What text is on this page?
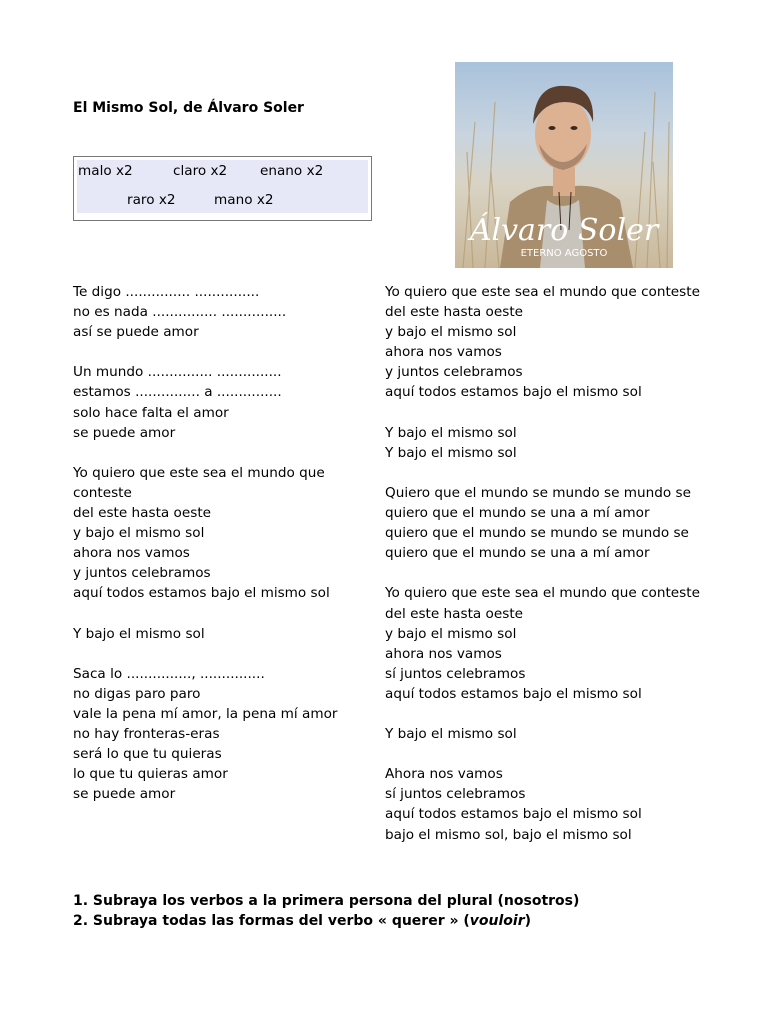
El Mismo Sol, de Álvaro Soler
malo x2	claro x2 enano x2
raro x2	mano x2
Álvaro Soler
ETERNO AGOSTO
Te digo ............... ...............
no es nada ............... ...............
así se puede amor
Un mundo ............... ...............
estamos ............... a ...............
solo hace falta el amor
se puede amor
Yo quiero que este sea el mundo que
conteste
del este hasta oeste
y bajo el mismo sol
ahora nos vamos
y juntos celebramos
aquí todos estamos bajo el mismo sol
Y bajo el mismo sol
Saca lo ..............., ...............
no digas paro paro
vale la pena mí amor, la pena mí amor
no hay fronteras-eras
será lo que tu quieras
lo que tu quieras amor
se puede amor
Yo quiero que este sea el mundo que conteste
del este hasta oeste
y bajo el mismo sol
ahora nos vamos
y juntos celebramos
aquí todos estamos bajo el mismo sol
Y bajo el mismo sol
Y bajo el mismo sol
Quiero que el mundo se mundo se mundo se
quiero que el mundo se una a mí amor
quiero que el mundo se mundo se mundo se
quiero que el mundo se una a mí amor
Yo quiero que este sea el mundo que conteste
del este hasta oeste
y bajo el mismo sol
ahora nos vamos
sí juntos celebramos
aquí todos estamos bajo el mismo sol
Y bajo el mismo sol
Ahora nos vamos
sí juntos celebramos
aquí todos estamos bajo el mismo sol
bajo el mismo sol, bajo el mismo sol
1. Subraya los verbos a la primera persona del plural (nosotros)
2. Subraya todas las formas del verbo « querer » (vouloir)
